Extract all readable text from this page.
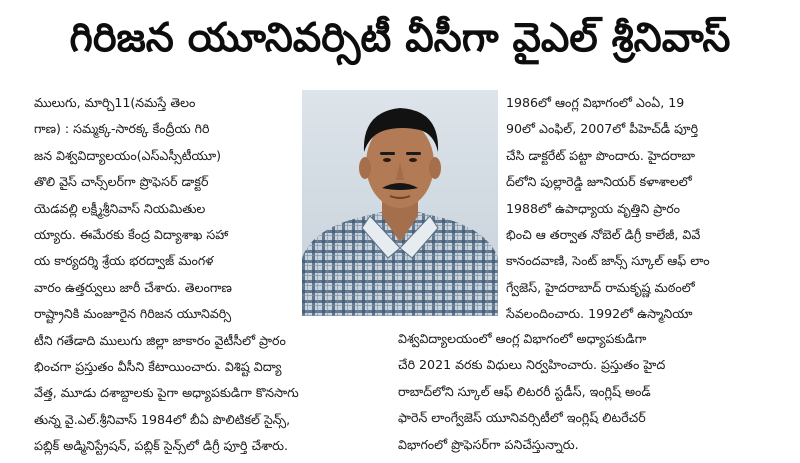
గిరిజన యూనివర్సిటీ వీసీగా వైఎల్ శ్రీనివాస్
ములుగు, మార్చి11(నమస్తే తెలం
గాణ) : సమ్మక్క-సారక్క కేంద్రీయ గిరి
జన విశ్వవిద్యాలయం(ఎస్ఎస్సీటీయూ)
తొలి వైస్ చాన్స్‌లర్‌గా ప్రొఫెసర్ డాక్టర్
యెడవల్లి లక్ష్మీశ్రీనివాస్ నియమితుల
య్యారు. ఈమేరకు కేంద్ర విద్యాశాఖ సహా
య కార్యదర్శి శ్రేయ భరద్వాజ్ మంగళ
వారం ఉత్తర్వులు జారీ చేశారు. తెలంగాణ
రాష్ట్రానికి మంజూరైన గిరిజన యూనివర్సి
టీని గతేడాది ములుగు జిల్లా జాకారం వైటీసీలో ప్రారం
భించగా ప్రస్తుతం వీసీని కేటాయించారు. విశిష్ట విద్యా
వేత్త, మూడు దశాబ్దాలకు పైగా అధ్యాపకుడిగా కొనసాగు
తున్న వై.ఎల్.శ్రీనివాస్ 1984లో బీఏ పొలిటికల్ సైన్స్,
పబ్లిక్ అడ్మినిస్ట్రేషన్, పబ్లిక్ సైన్స్‌లో డిగ్రీ పూర్తి చేశారు.
1986లో ఆంగ్ల విభాగంలో ఎంఏ, 19
90లో ఎంఫిల్, 2007లో పీహెచ్‌డీ పూర్తి
చేసి డాక్టరేట్ పట్టా పొందారు. హైదరాబా
ద్‌లోని పుల్లారెడ్డి జూనియర్ కళాశాలలో
1988లో ఉపాధ్యాయ వృత్తిని ప్రారం
భించి ఆ తర్వాత నోబెల్ డిగ్రీ కాలేజీ, వివే
కానందవాణి, సెంట్ జాన్స్ స్కూల్ ఆఫ్ లాం
గ్వేజెస్, హైదరాబాద్ రామకృష్ణ మఠంలో
సేవలందించారు. 1992లో ఉస్మానియా
విశ్వవిద్యాలయంలో ఆంగ్ల విభాగంలో అధ్యాపకుడిగా
చేరి 2021 వరకు విధులు నిర్వహించారు. ప్రస్తుతం హైద
రాబాద్‌లోని స్కూల్ ఆఫ్ లిటరరీ స్టడీస్, ఇంగ్లిష్ అండ్
ఫారెన్ లాంగ్వేజెస్ యూనివర్సిటీలో ఇంగ్లిష్ లిటరేచర్
విభాగంలో ప్రొఫెసర్‌గా పనిచేస్తున్నారు.
